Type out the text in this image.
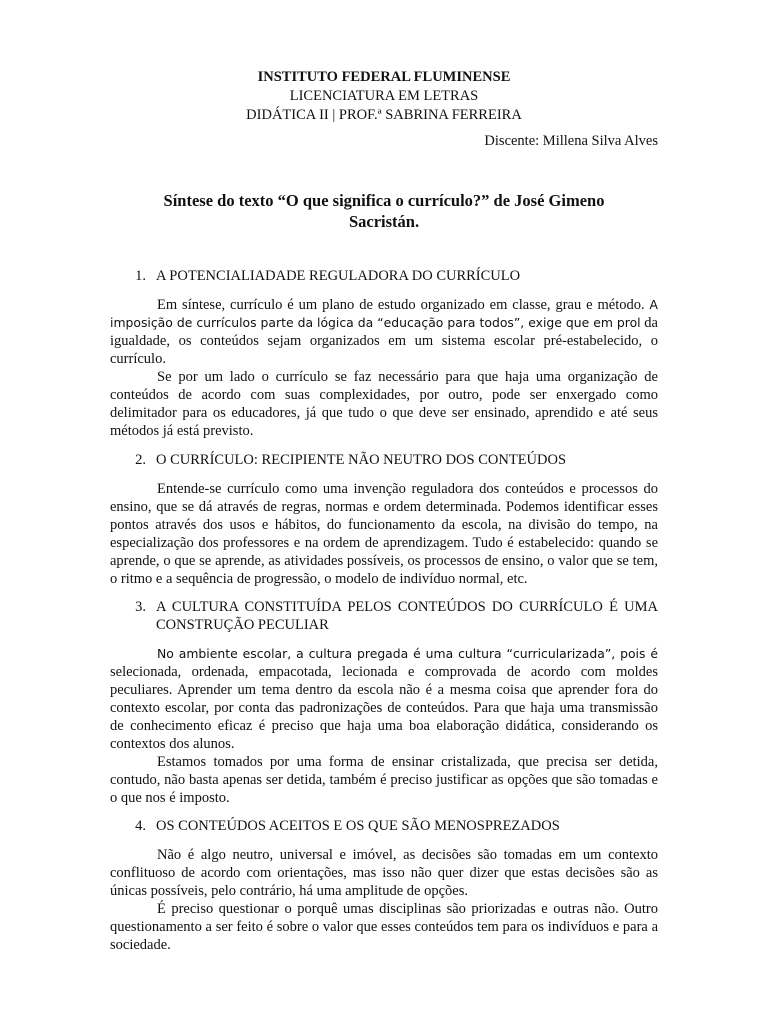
INSTITUTO FEDERAL FLUMINENSE
LICENCIATURA EM LETRAS
DIDÁTICA II | PROF.ª SABRINA FERREIRA
Discente: Millena Silva Alves
Síntese do texto “O que significa o currículo?” de José Gimeno
Sacristán.
1. A POTENCIALIADADE REGULADORA DO CURRÍCULO

Em síntese, currículo é um plano de estudo organizado em classe, grau e método. A imposição de currículos parte da lógica da “educação para todos”, exige que em prol da igualdade, os conteúdos sejam organizados em um sistema escolar pré-estabelecido, o currículo.

Se por um lado o currículo se faz necessário para que haja uma organização de conteúdos de acordo com suas complexidades, por outro, pode ser enxergado como delimitador para os educadores, já que tudo o que deve ser ensinado, aprendido e até seus métodos já está previsto.

2. O CURRÍCULO: RECIPIENTE NÃO NEUTRO DOS CONTEÚDOS

Entende-se currículo como uma invenção reguladora dos conteúdos e processos do ensino, que se dá através de regras, normas e ordem determinada. Podemos identificar esses pontos através dos usos e hábitos, do funcionamento da escola, na divisão do tempo, na especialização dos professores e na ordem de aprendizagem. Tudo é estabelecido: quando se aprende, o que se aprende, as atividades possíveis, os processos de ensino, o valor que se tem, o ritmo e a sequência de progressão, o modelo de indivíduo normal, etc.

3. A CULTURA CONSTITUÍDA PELOS CONTEÚDOS DO CURRÍCULO É UMA CONSTRUÇÃO PECULIAR

No ambiente escolar, a cultura pregada é uma cultura “curricularizada”, pois é selecionada, ordenada, empacotada, lecionada e comprovada de acordo com moldes peculiares. Aprender um tema dentro da escola não é a mesma coisa que aprender fora do contexto escolar, por conta das padronizações de conteúdos. Para que haja uma transmissão de conhecimento eficaz é preciso que haja uma boa elaboração didática, considerando os contextos dos alunos.

Estamos tomados por uma forma de ensinar cristalizada, que precisa ser detida, contudo, não basta apenas ser detida, também é preciso justificar as opções que são tomadas e o que nos é imposto.

4. OS CONTEÚDOS ACEITOS E OS QUE SÃO MENOSPREZADOS

Não é algo neutro, universal e imóvel, as decisões são tomadas em um contexto conflituoso de acordo com orientações, mas isso não quer dizer que estas decisões são as únicas possíveis, pelo contrário, há uma amplitude de opções.

É preciso questionar o porquê umas disciplinas são priorizadas e outras não. Outro questionamento a ser feito é sobre o valor que esses conteúdos tem para os indivíduos e para a sociedade.
